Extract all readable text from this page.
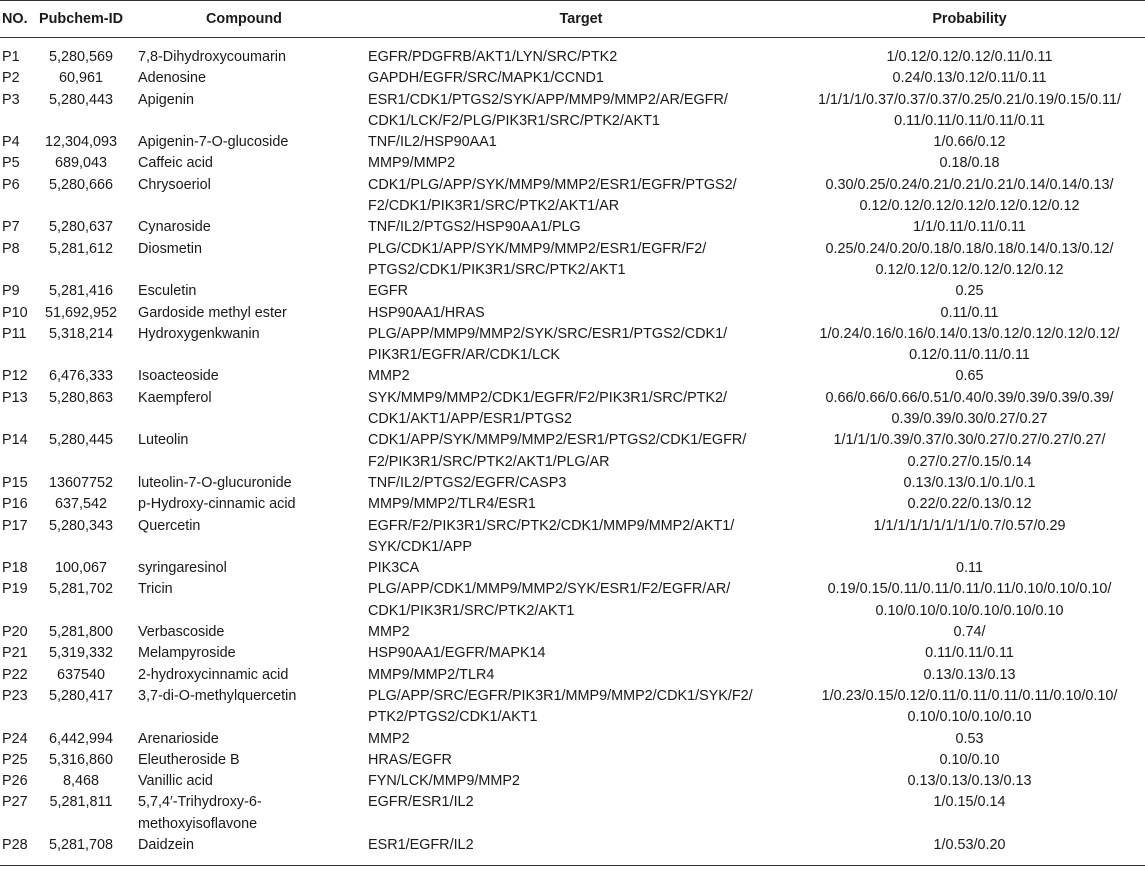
NO.	Pubchem-ID	Compound	Target	Probability
P1	5,280,569	7,8-Dihydroxycoumarin	EGFR/PDGFRB/AKT1/LYN/SRC/PTK2	1/0.12/0.12/0.12/0.11/0.11

P2	60,961	Adenosine	GAPDH/EGFR/SRC/MAPK1/CCND1	0.24/0.13/0.12/0.11/0.11

P3	5,280,443	Apigenin	ESR1/CDK1/PTGS2/SYK/APP/MMP9/MMP2/AR/EGFR/
CDK1/LCK/F2/PLG/PIK3R1/SRC/PTK2/AKT1	1/1/1/1/0.37/0.37/0.37/0.25/0.21/0.19/0.15/0.11/
0.11/0.11/0.11/0.11/0.11

P4	12,304,093	Apigenin-7-O-glucoside	TNF/IL2/HSP90AA1	1/0.66/0.12

P5	689,043	Caffeic acid	MMP9/MMP2	0.18/0.18

P6	5,280,666	Chrysoeriol	CDK1/PLG/APP/SYK/MMP9/MMP2/ESR1/EGFR/PTGS2/
F2/CDK1/PIK3R1/SRC/PTK2/AKT1/AR	0.30/0.25/0.24/0.21/0.21/0.21/0.14/0.14/0.13/
0.12/0.12/0.12/0.12/0.12/0.12/0.12

P7	5,280,637	Cynaroside	TNF/IL2/PTGS2/HSP90AA1/PLG	1/1/0.11/0.11/0.11

P8	5,281,612	Diosmetin	PLG/CDK1/APP/SYK/MMP9/MMP2/ESR1/EGFR/F2/
PTGS2/CDK1/PIK3R1/SRC/PTK2/AKT1	0.25/0.24/0.20/0.18/0.18/0.18/0.14/0.13/0.12/
0.12/0.12/0.12/0.12/0.12/0.12

P9	5,281,416	Esculetin	EGFR	0.25

P10	51,692,952	Gardoside methyl ester	HSP90AA1/HRAS	0.11/0.11

P11	5,318,214	Hydroxygenkwanin	PLG/APP/MMP9/MMP2/SYK/SRC/ESR1/PTGS2/CDK1/
PIK3R1/EGFR/AR/CDK1/LCK	1/0.24/0.16/0.16/0.14/0.13/0.12/0.12/0.12/0.12/
0.12/0.11/0.11/0.11

P12	6,476,333	Isoacteoside	MMP2	0.65

P13	5,280,863	Kaempferol	SYK/MMP9/MMP2/CDK1/EGFR/F2/PIK3R1/SRC/PTK2/
CDK1/AKT1/APP/ESR1/PTGS2	0.66/0.66/0.66/0.51/0.40/0.39/0.39/0.39/0.39/
0.39/0.39/0.30/0.27/0.27

P14	5,280,445	Luteolin	CDK1/APP/SYK/MMP9/MMP2/ESR1/PTGS2/CDK1/EGFR/
F2/PIK3R1/SRC/PTK2/AKT1/PLG/AR	1/1/1/1/0.39/0.37/0.30/0.27/0.27/0.27/0.27/
0.27/0.27/0.15/0.14

P15	13607752	luteolin-7-O-glucuronide	TNF/IL2/PTGS2/EGFR/CASP3	0.13/0.13/0.1/0.1/0.1

P16	637,542	p-Hydroxy-cinnamic acid	MMP9/MMP2/TLR4/ESR1	0.22/0.22/0.13/0.12

P17	5,280,343	Quercetin	EGFR/F2/PIK3R1/SRC/PTK2/CDK1/MMP9/MMP2/AKT1/
SYK/CDK1/APP	1/1/1/1/1/1/1/1/1/0.7/0.57/0.29

P18	100,067	syringaresinol	PIK3CA	0.11

P19	5,281,702	Tricin	PLG/APP/CDK1/MMP9/MMP2/SYK/ESR1/F2/EGFR/AR/
CDK1/PIK3R1/SRC/PTK2/AKT1	0.19/0.15/0.11/0.11/0.11/0.11/0.10/0.10/0.10/
0.10/0.10/0.10/0.10/0.10/0.10

P20	5,281,800	Verbascoside	MMP2	0.74/

P21	5,319,332	Melampyroside	HSP90AA1/EGFR/MAPK14	0.11/0.11/0.11

P22	637540	2-hydroxycinnamic acid	MMP9/MMP2/TLR4	0.13/0.13/0.13

P23	5,280,417	3,7-di-O-methylquercetin	PLG/APP/SRC/EGFR/PIK3R1/MMP9/MMP2/CDK1/SYK/F2/
PTK2/PTGS2/CDK1/AKT1	1/0.23/0.15/0.12/0.11/0.11/0.11/0.11/0.10/0.10/
0.10/0.10/0.10/0.10

P24	6,442,994	Arenarioside	MMP2	0.53

P25	5,316,860	Eleutheroside B	HRAS/EGFR	0.10/0.10

P26	8,468	Vanillic acid	FYN/LCK/MMP9/MMP2	0.13/0.13/0.13/0.13

P27	5,281,811	5,7,4′-Trihydroxy-6-
methoxyisoflavone	EGFR/ESR1/IL2	1/0.15/0.14

P28	5,281,708	Daidzein	ESR1/EGFR/IL2	1/0.53/0.20
